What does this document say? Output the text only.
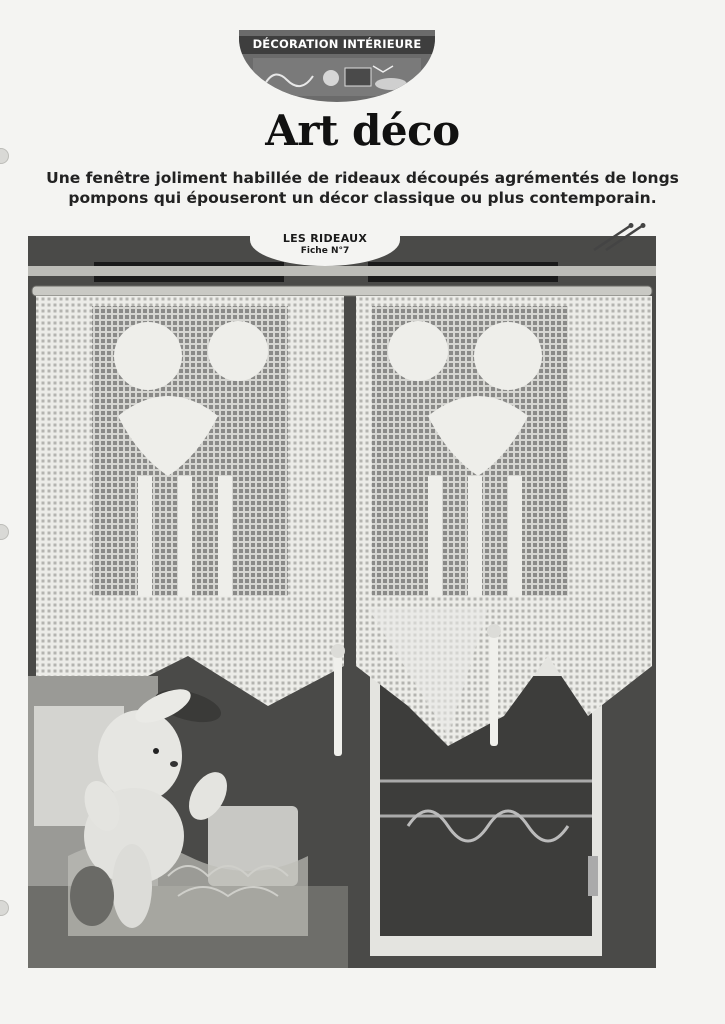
DÉCORATION INTÉRIEURE
Art déco
Une fenêtre joliment habillée de rideaux découpés agrémentés de longs
pompons qui épouseront un décor classique ou plus contemporain.
LES RIDEAUX
Fiche N°7
